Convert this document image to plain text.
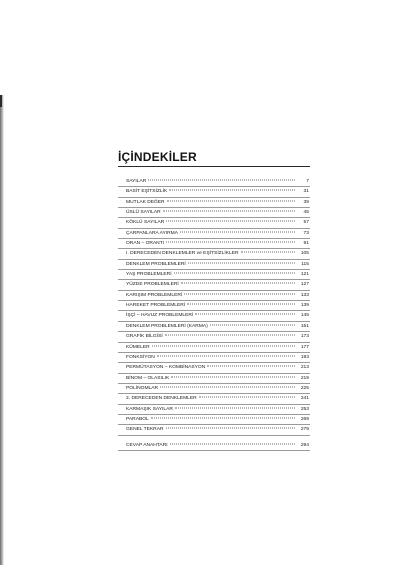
İÇİNDEKİLER
SAYILAR	7
BASİT EŞİTSİZLİK	31
MUTLAK DEĞER	39
ÜSLÜ SAYILAR	45
KÖKLÜ SAYILAR	57
ÇARPANLARA AYIRMA	73
ORAN – ORANTI	91
I. DERECEDEN DENKLEMLER ve EŞİTSİZLİKLER	105
DENKLEM PROBLEMLERİ	115
YAŞ PROBLEMLERİ	121
YÜZDE PROBLEMLERİ	127
KARIŞIM PROBLEMLERİ	133
HAREKET PROBLEMLERİ	139
İŞÇİ – HAVUZ PROBLEMLERİ	145
DENKLEM PROBLEMLERİ (KARMA)	151
GRAFİK BİLGİSİ	173
KÜMELER	177
FONKSİYON	193
PERMÜTASYON – KOMBİNASYON	213
BİNOM – OLASILIK	219
POLİNOMLAR	225
2. DERECEDEN DENKLEMLER	241
KARMAŞIK SAYILAR	253
PARABOL	269
GENEL TEKRAR	279
CEVAP ANAHTARI	294
